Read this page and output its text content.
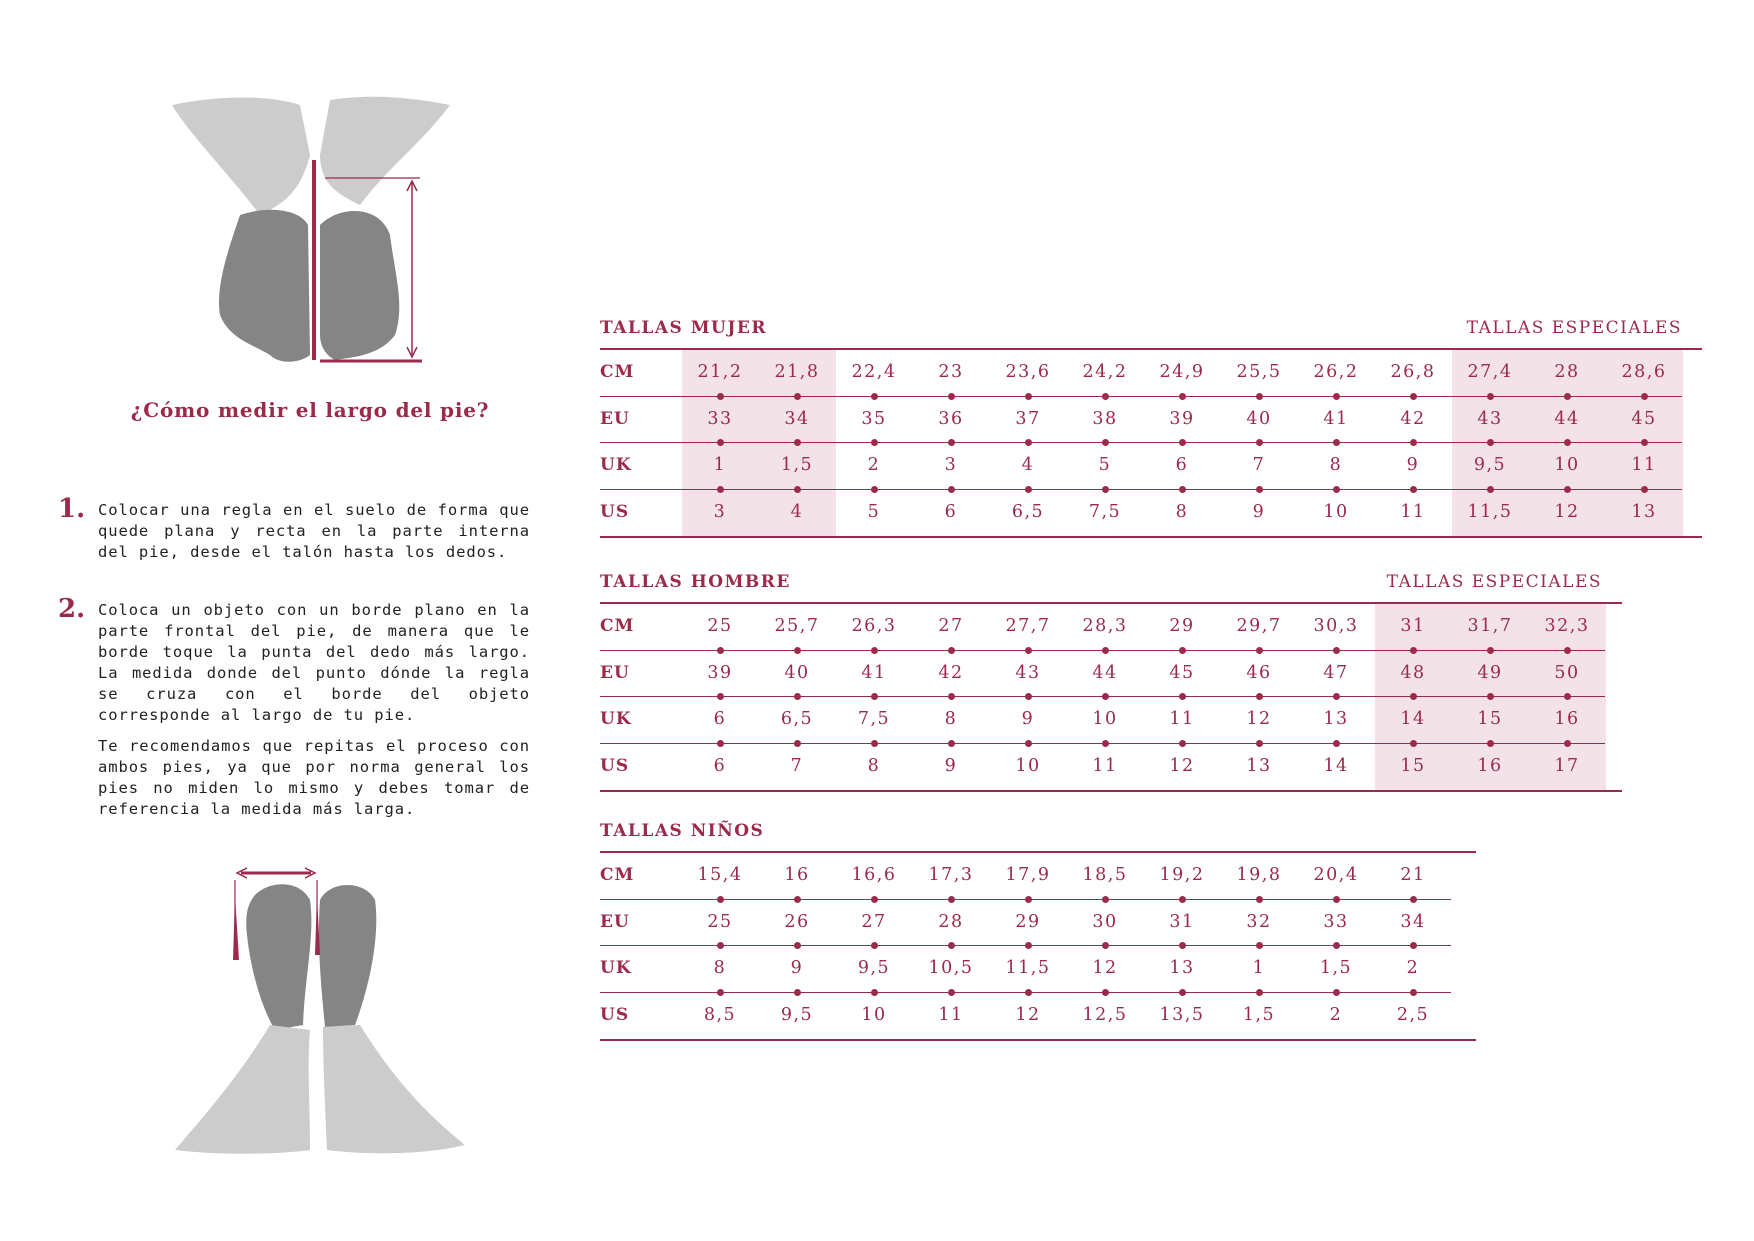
¿Cómo medir el largo del pie?
1. Colocar una regla en el suelo de forma que quede plana y recta en la parte interna del pie, desde el talón hasta los dedos.

2. Coloca un objeto con un borde plano en la parte frontal del pie, de manera que le borde toque la punta del dedo más largo. La medida donde del punto dónde la regla se cruza con el borde del objeto corresponde al largo de tu pie.

Te recomendamos que repitas el proceso con ambos pies, ya que por norma general los pies no miden lo mismo y debes tomar de referencia la medida más larga.

TALLAS MUJER	TALLAS ESPECIALES
CM	21,2	21,8	22,4	23	23,6	24,2	24,9	25,5	26,2	26,8	27,4	28	28,6
EU	33	34	35	36	37	38	39	40	41	42	43	44	45
UK	1	1,5	2	3	4	5	6	7	8	9	9,5	10	11
US	3	4	5	6	6,5	7,5	8	9	10	11	11,5	12	13
TALLAS HOMBRE	TALLAS ESPECIALES
CM	25	25,7	26,3	27	27,7	28,3	29	29,7	30,3	31	31,7	32,3
EU	39	40	41	42	43	44	45	46	47	48	49	50
UK	6	6,5	7,5	8	9	10	11	12	13	14	15	16
US	6	7	8	9	10	11	12	13	14	15	16	17
TALLAS NIÑOS
CM	15,4	16	16,6	17,3	17,9	18,5	19,2	19,8	20,4	21
EU	25	26	27	28	29	30	31	32	33	34
UK	8	9	9,5	10,5	11,5	12	13	1	1,5	2
US	8,5	9,5	10	11	12	12,5	13,5	1,5	2	2,5
